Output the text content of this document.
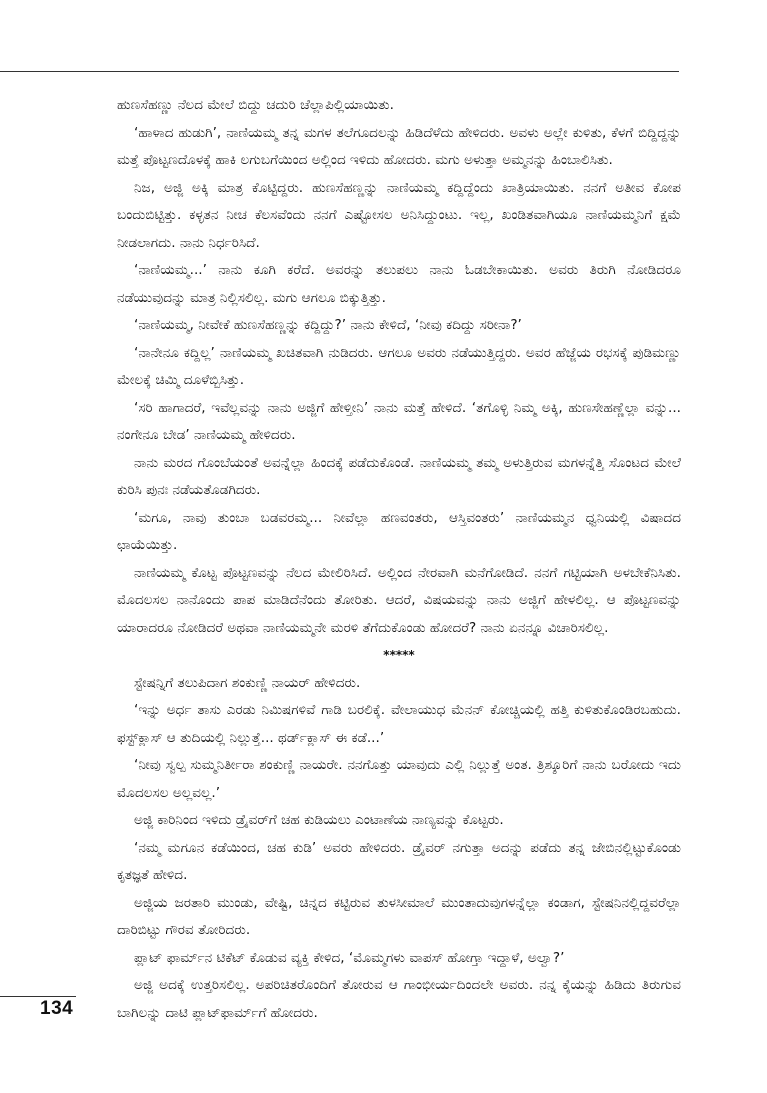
ಹುಣಸೆಹಣ್ಣು ನೆಲದ ಮೇಲೆ ಬಿದ್ದು ಚದುರಿ ಚೆಲ್ಲಾಪಿಲ್ಲಿಯಾಯಿತು.

‘ಹಾಳಾದ ಹುಡುಗಿ’, ನಾಣಿಯಮ್ಮ ತನ್ನ ಮಗಳ ತಲೆಗೂದಲನ್ನು ಹಿಡಿದೆಳೆದು ಹೇಳಿದರು. ಅವಳು ಅಲ್ಲೇ ಕುಳಿತು, ಕೆಳಗೆ ಬಿದ್ದಿದ್ದನ್ನು ಮತ್ತೆ ಪೊಟ್ಟಣದೊಳಕ್ಕೆ ಹಾಕಿ ಲಗುಬಗೆಯಿಂದ ಅಲ್ಲಿಂದ ಇಳಿದು ಹೋದರು. ಮಗು ಅಳುತ್ತಾ ಅಮ್ಮನನ್ನು ಹಿಂಬಾಲಿಸಿತು.

ನಿಜ, ಅಜ್ಜಿ ಅಕ್ಕಿ ಮಾತ್ರ ಕೊಟ್ಟಿದ್ದರು. ಹುಣಸೆಹಣ್ಣನ್ನು ನಾಣಿಯಮ್ಮ ಕದ್ದಿದ್ದೆಂದು ಖಾತ್ರಿಯಾಯಿತು. ನನಗೆ ಅತೀವ ಕೋಪ ಬಂದುಬಿಟ್ಟಿತ್ತು. ಕಳ್ಳತನ ನೀಚ ಕೆಲಸವೆಂದು ನನಗೆ ಎಷ್ಟೋಸಲ ಅನಿಸಿದ್ದುಂಟು. ಇಲ್ಲ, ಖಂಡಿತವಾಗಿಯೂ ನಾಣಿಯಮ್ಮನಿಗೆ ಕ್ಷಮೆ ನೀಡಲಾಗದು. ನಾನು ನಿರ್ಧರಿಸಿದೆ.

‘ನಾಣಿಯಮ್ಮ...’ ನಾನು ಕೂಗಿ ಕರೆದೆ. ಅವರನ್ನು ತಲುಪಲು ನಾನು ಓಡಬೇಕಾಯಿತು. ಅವರು ತಿರುಗಿ ನೋಡಿದರೂ ನಡೆಯುವುದನ್ನು ಮಾತ್ರ ನಿಲ್ಲಿಸಲಿಲ್ಲ. ಮಗು ಆಗಲೂ ಬಿಕ್ಕುತ್ತಿತ್ತು.

‘ನಾಣಿಯಮ್ಮ, ನೀವೇಕೆ ಹುಣಸೆಹಣ್ಣನ್ನು ಕದ್ದಿದ್ದು?’ ನಾನು ಕೇಳಿದೆ, ‘ನೀವು ಕದಿದ್ದು ಸರೀನಾ?’

‘ನಾನೇನೂ ಕದ್ದಿಲ್ಲ’ ನಾಣಿಯಮ್ಮ ಖಚಿತವಾಗಿ ನುಡಿದರು. ಆಗಲೂ ಅವರು ನಡೆಯುತ್ತಿದ್ದರು. ಅವರ ಹೆಜ್ಜೆಯ ರಭಸಕ್ಕೆ ಪುಡಿಮಣ್ಣು ಮೇಲಕ್ಕೆ ಚಿಮ್ಮಿ ದೂಳೆಬ್ಬಿಸಿತ್ತು.

‘ಸರಿ ಹಾಗಾದರೆ, ಇವೆಲ್ಲವನ್ನು ನಾನು ಅಜ್ಜಿಗೆ ಹೇಳ್ತೀನಿ’ ನಾನು ಮತ್ತೆ ಹೇಳಿದೆ. ‘ತಗೊಳ್ಳಿ ನಿಮ್ಮ ಅಕ್ಕಿ, ಹುಣಸೇಹಣ್ಣೆಲ್ಲಾ ವನ್ನು... ನಂಗೇನೂ ಬೇಡ’ ನಾಣಿಯಮ್ಮ ಹೇಳಿದರು.

ನಾನು ಮರದ ಗೊಂಬೆಯಂತೆ ಅವನ್ನೆಲ್ಲಾ ಹಿಂದಕ್ಕೆ ಪಡೆದುಕೊಂಡೆ. ನಾಣಿಯಮ್ಮ ತಮ್ಮ ಅಳುತ್ತಿರುವ ಮಗಳನ್ನೆತ್ತಿ ಸೊಂಟದ ಮೇಲೆ ಕುರಿಸಿ ಪುನಃ ನಡೆಯತೊಡಗಿದರು.

‘ಮಗೂ, ನಾವು ತುಂಬಾ ಬಡವರಮ್ಮ... ನೀವೆಲ್ಲಾ ಹಣವಂತರು, ಆಸ್ತಿವಂತರು’ ನಾಣಿಯಮ್ಮನ ಧ್ವನಿಯಲ್ಲಿ ವಿಷಾದದ ಛಾಯೆಯಿತ್ತು.

ನಾಣಿಯಮ್ಮ ಕೊಟ್ಟ ಪೊಟ್ಟಣವನ್ನು ನೆಲದ ಮೇಲಿರಿಸಿದೆ. ಅಲ್ಲಿಂದ ನೇರವಾಗಿ ಮನೆಗೋಡಿದೆ. ನನಗೆ ಗಟ್ಟಿಯಾಗಿ ಅಳಬೇಕೆನಿಸಿತು. ಮೊದಲಸಲ ನಾನೊಂದು ಪಾಪ ಮಾಡಿದೆನೆಂದು ತೋರಿತು. ಆದರೆ, ವಿಷಯವನ್ನು ನಾನು ಅಜ್ಜಿಗೆ ಹೇಳಲಿಲ್ಲ. ಆ ಪೊಟ್ಟಣವನ್ನು ಯಾರಾದರೂ ನೋಡಿದರೆ ಅಥವಾ ನಾಣಿಯಮ್ಮನೇ ಮರಳಿ ತೆಗೆದುಕೊಂಡು ಹೋದರೆ? ನಾನು ಏನನ್ನೂ ವಿಚಾರಿಸಲಿಲ್ಲ.

*****

ಸ್ಟೇಷನ್ನಿಗೆ ತಲುಪಿದಾಗ ಶಂಕುಣ್ಣಿ ನಾಯರ್ ಹೇಳಿದರು.

‘ಇನ್ನು ಅರ್ಧ ತಾಸು ಎರಡು ನಿಮಿಷಗಳಿವೆ ಗಾಡಿ ಬರಲಿಕ್ಕೆ. ವೇಲಾಯುಧ ಮೆನನ್ ಕೋಚ್ಚಿಯಲ್ಲಿ ಹತ್ತಿ ಕುಳಿತುಕೊಂಡಿರಬಹುದು. ಫಸ್ಟ್‌ಕ್ಲಾಸ್ ಆ ತುದಿಯಲ್ಲಿ ನಿಲ್ಲುತ್ತೆ... ಥರ್ಡ್‌ಕ್ಲಾಸ್ ಈ ಕಡೆ...’

‘ನೀವು ಸ್ವಲ್ಪ ಸುಮ್ಮನಿರ್ತೀರಾ ಶಂಕುಣ್ಣಿ ನಾಯರೇ. ನನಗೊತ್ತು ಯಾವುದು ಎಲ್ಲಿ ನಿಲ್ಲುತ್ತೆ ಅಂತ. ತ್ರಿಶ್ಶೂರಿಗೆ ನಾನು ಬರೋದು ಇದು ಮೊದಲಸಲ ಅಲ್ಲವಲ್ಲ.’

ಅಜ್ಜಿ ಕಾರಿನಿಂದ ಇಳಿದು ಡ್ರೈವರ್‌ಗೆ ಚಹ ಕುಡಿಯಲು ಎಂಟಾಣೆಯ ನಾಣ್ಯವನ್ನು ಕೊಟ್ಟರು.

‘ನಮ್ಮ ಮಗೂನ ಕಡೆಯಿಂದ, ಚಹ ಕುಡಿ’ ಅವರು ಹೇಳಿದರು. ಡ್ರೈವರ್ ನಗುತ್ತಾ ಅದನ್ನು ಪಡೆದು ತನ್ನ ಜೇಬಿನಲ್ಲಿಟ್ಟುಕೊಂಡು ಕೃತಜ್ಞತೆ ಹೇಳಿದ.

ಅಜ್ಜಿಯ ಜರತಾರಿ ಮುಂಡು, ವೇಷ್ಟಿ, ಚಿನ್ನದ ಕಟ್ಟಿರುವ ತುಳಸೀಮಾಲೆ ಮುಂತಾದುವುಗಳನ್ನೆಲ್ಲಾ ಕಂಡಾಗ, ಸ್ಟೇಷನಿನಲ್ಲಿದ್ದವರೆಲ್ಲಾ ದಾರಿಬಿಟ್ಟು ಗೌರವ ತೋರಿದರು.

ಪ್ಲಾಟ್ ಫಾರ್ಮ್‌ನ ಟಿಕೆಟ್ ಕೊಡುವ ವ್ಯಕ್ತಿ ಕೇಳಿದ, ‘ಮೊಮ್ಮಗಳು ವಾಪಸ್ ಹೋಗ್ತಾ ಇದ್ದಾಳೆ, ಅಲ್ವಾ?’

ಅಜ್ಜಿ ಅದಕ್ಕೆ ಉತ್ತರಿಸಲಿಲ್ಲ. ಅಪರಿಚಿತರೊಂದಿಗೆ ತೋರುವ ಆ ಗಾಂಭೀರ್ಯದಿಂದಲೇ ಅವರು. ನನ್ನ ಕೈಯನ್ನು ಹಿಡಿದು ತಿರುಗುವ ಬಾಗಿಲನ್ನು ದಾಟಿ ಪ್ಲಾಟ್‌ಫಾರ್ಮ್‌ಗೆ ಹೋದರು.

134
